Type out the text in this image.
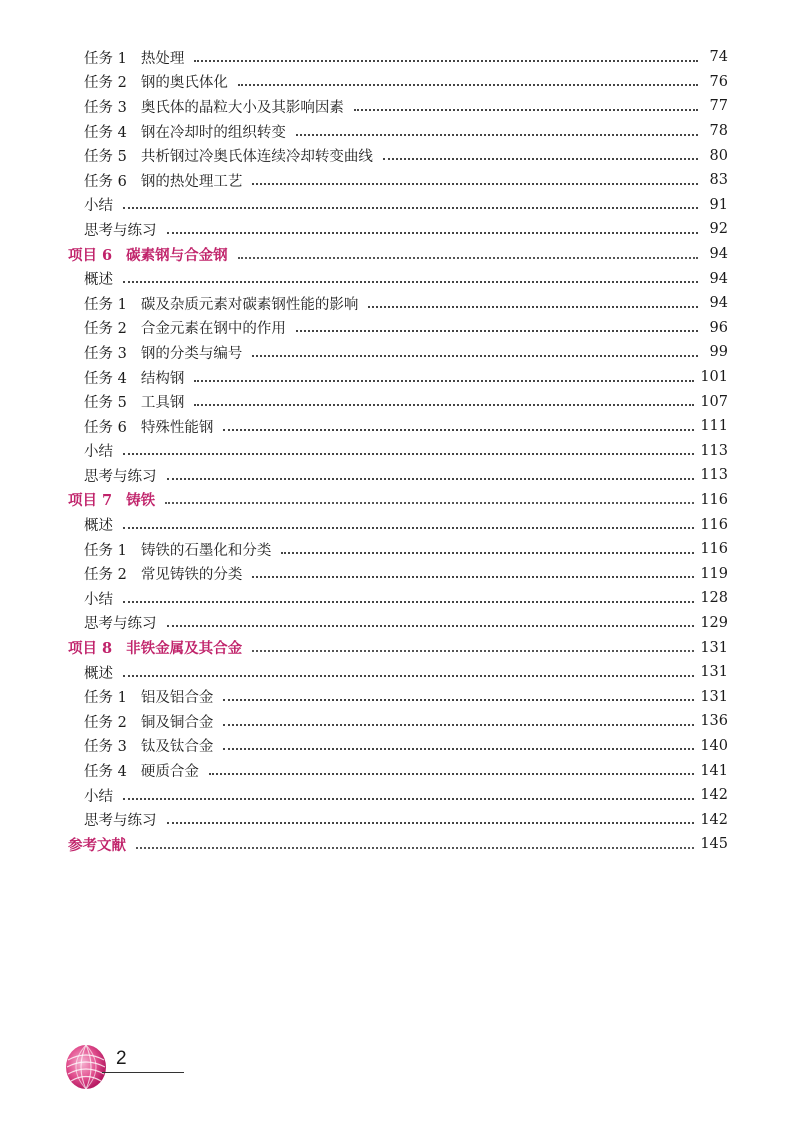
任务 1 热处理	74
任务 2 钢的奥氏体化	76
任务 3 奥氏体的晶粒大小及其影响因素	77
任务 4 钢在冷却时的组织转变	78
任务 5 共析钢过冷奥氏体连续冷却转变曲线	80
任务 6 钢的热处理工艺	83
小结	91
思考与练习	92
项目 6 碳素钢与合金钢	94
概述	94
任务 1 碳及杂质元素对碳素钢性能的影响	94
任务 2 合金元素在钢中的作用	96
任务 3 钢的分类与编号	99
任务 4 结构钢	101
任务 5 工具钢	107
任务 6 特殊性能钢	111
小结	113
思考与练习	113
项目 7 铸铁	116
概述	116
任务 1 铸铁的石墨化和分类	116
任务 2 常见铸铁的分类	119
小结	128
思考与练习	129
项目 8 非铁金属及其合金	131
概述	131
任务 1 铝及铝合金	131
任务 2 铜及铜合金	136
任务 3 钛及钛合金	140
任务 4 硬质合金	141
小结	142
思考与练习	142
参考文献	145
2
